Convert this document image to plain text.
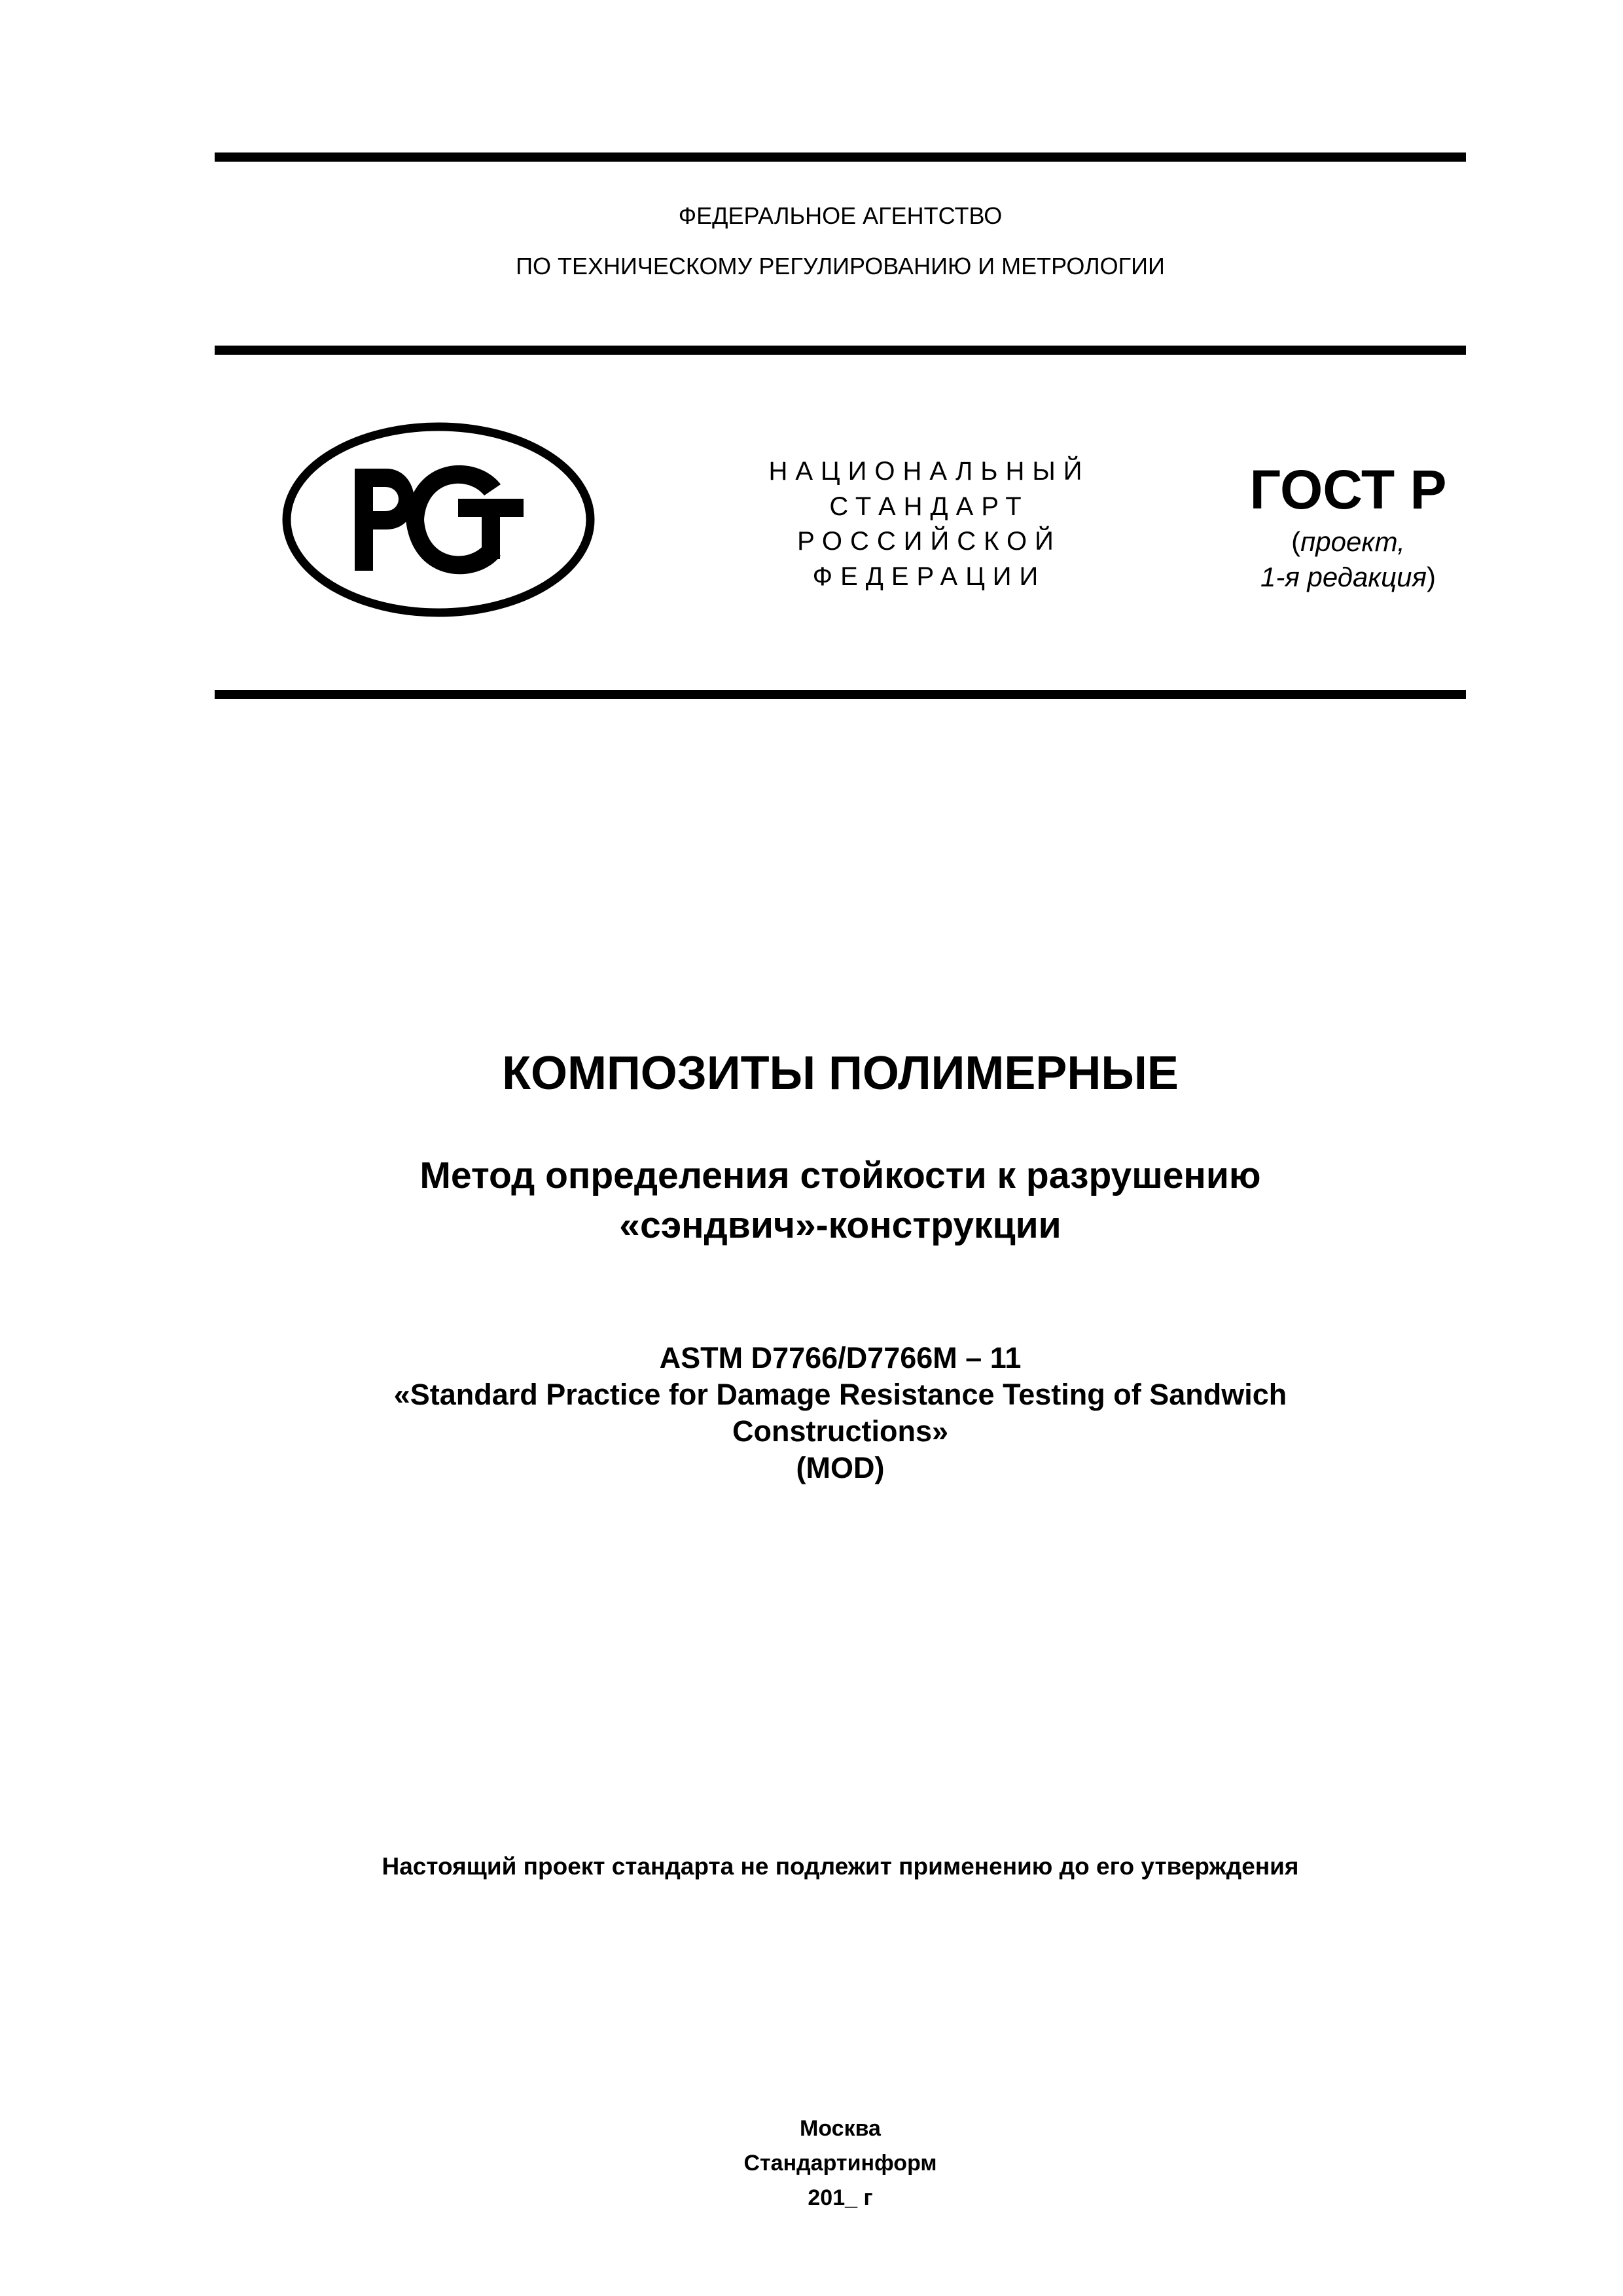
ФЕДЕРАЛЬНОЕ АГЕНТСТВО
ПО ТЕХНИЧЕСКОМУ РЕГУЛИРОВАНИЮ И МЕТРОЛОГИИ
НАЦИОНАЛЬНЫЙ
СТАНДАРТ
РОССИЙСКОЙ
ФЕДЕРАЦИИ
ГОСТ Р
(проект,
1-я редакция)
КОМПОЗИТЫ ПОЛИМЕРНЫЕ
Метод определения стойкости к разрушению
«сэндвич»-конструкции
ASTM D7766/D7766M – 11
«Standard Practice for Damage Resistance Testing of Sandwich
Constructions»
(MOD)
Настоящий проект стандарта не подлежит применению до его утверждения
Москва
Стандартинформ
201_ г
